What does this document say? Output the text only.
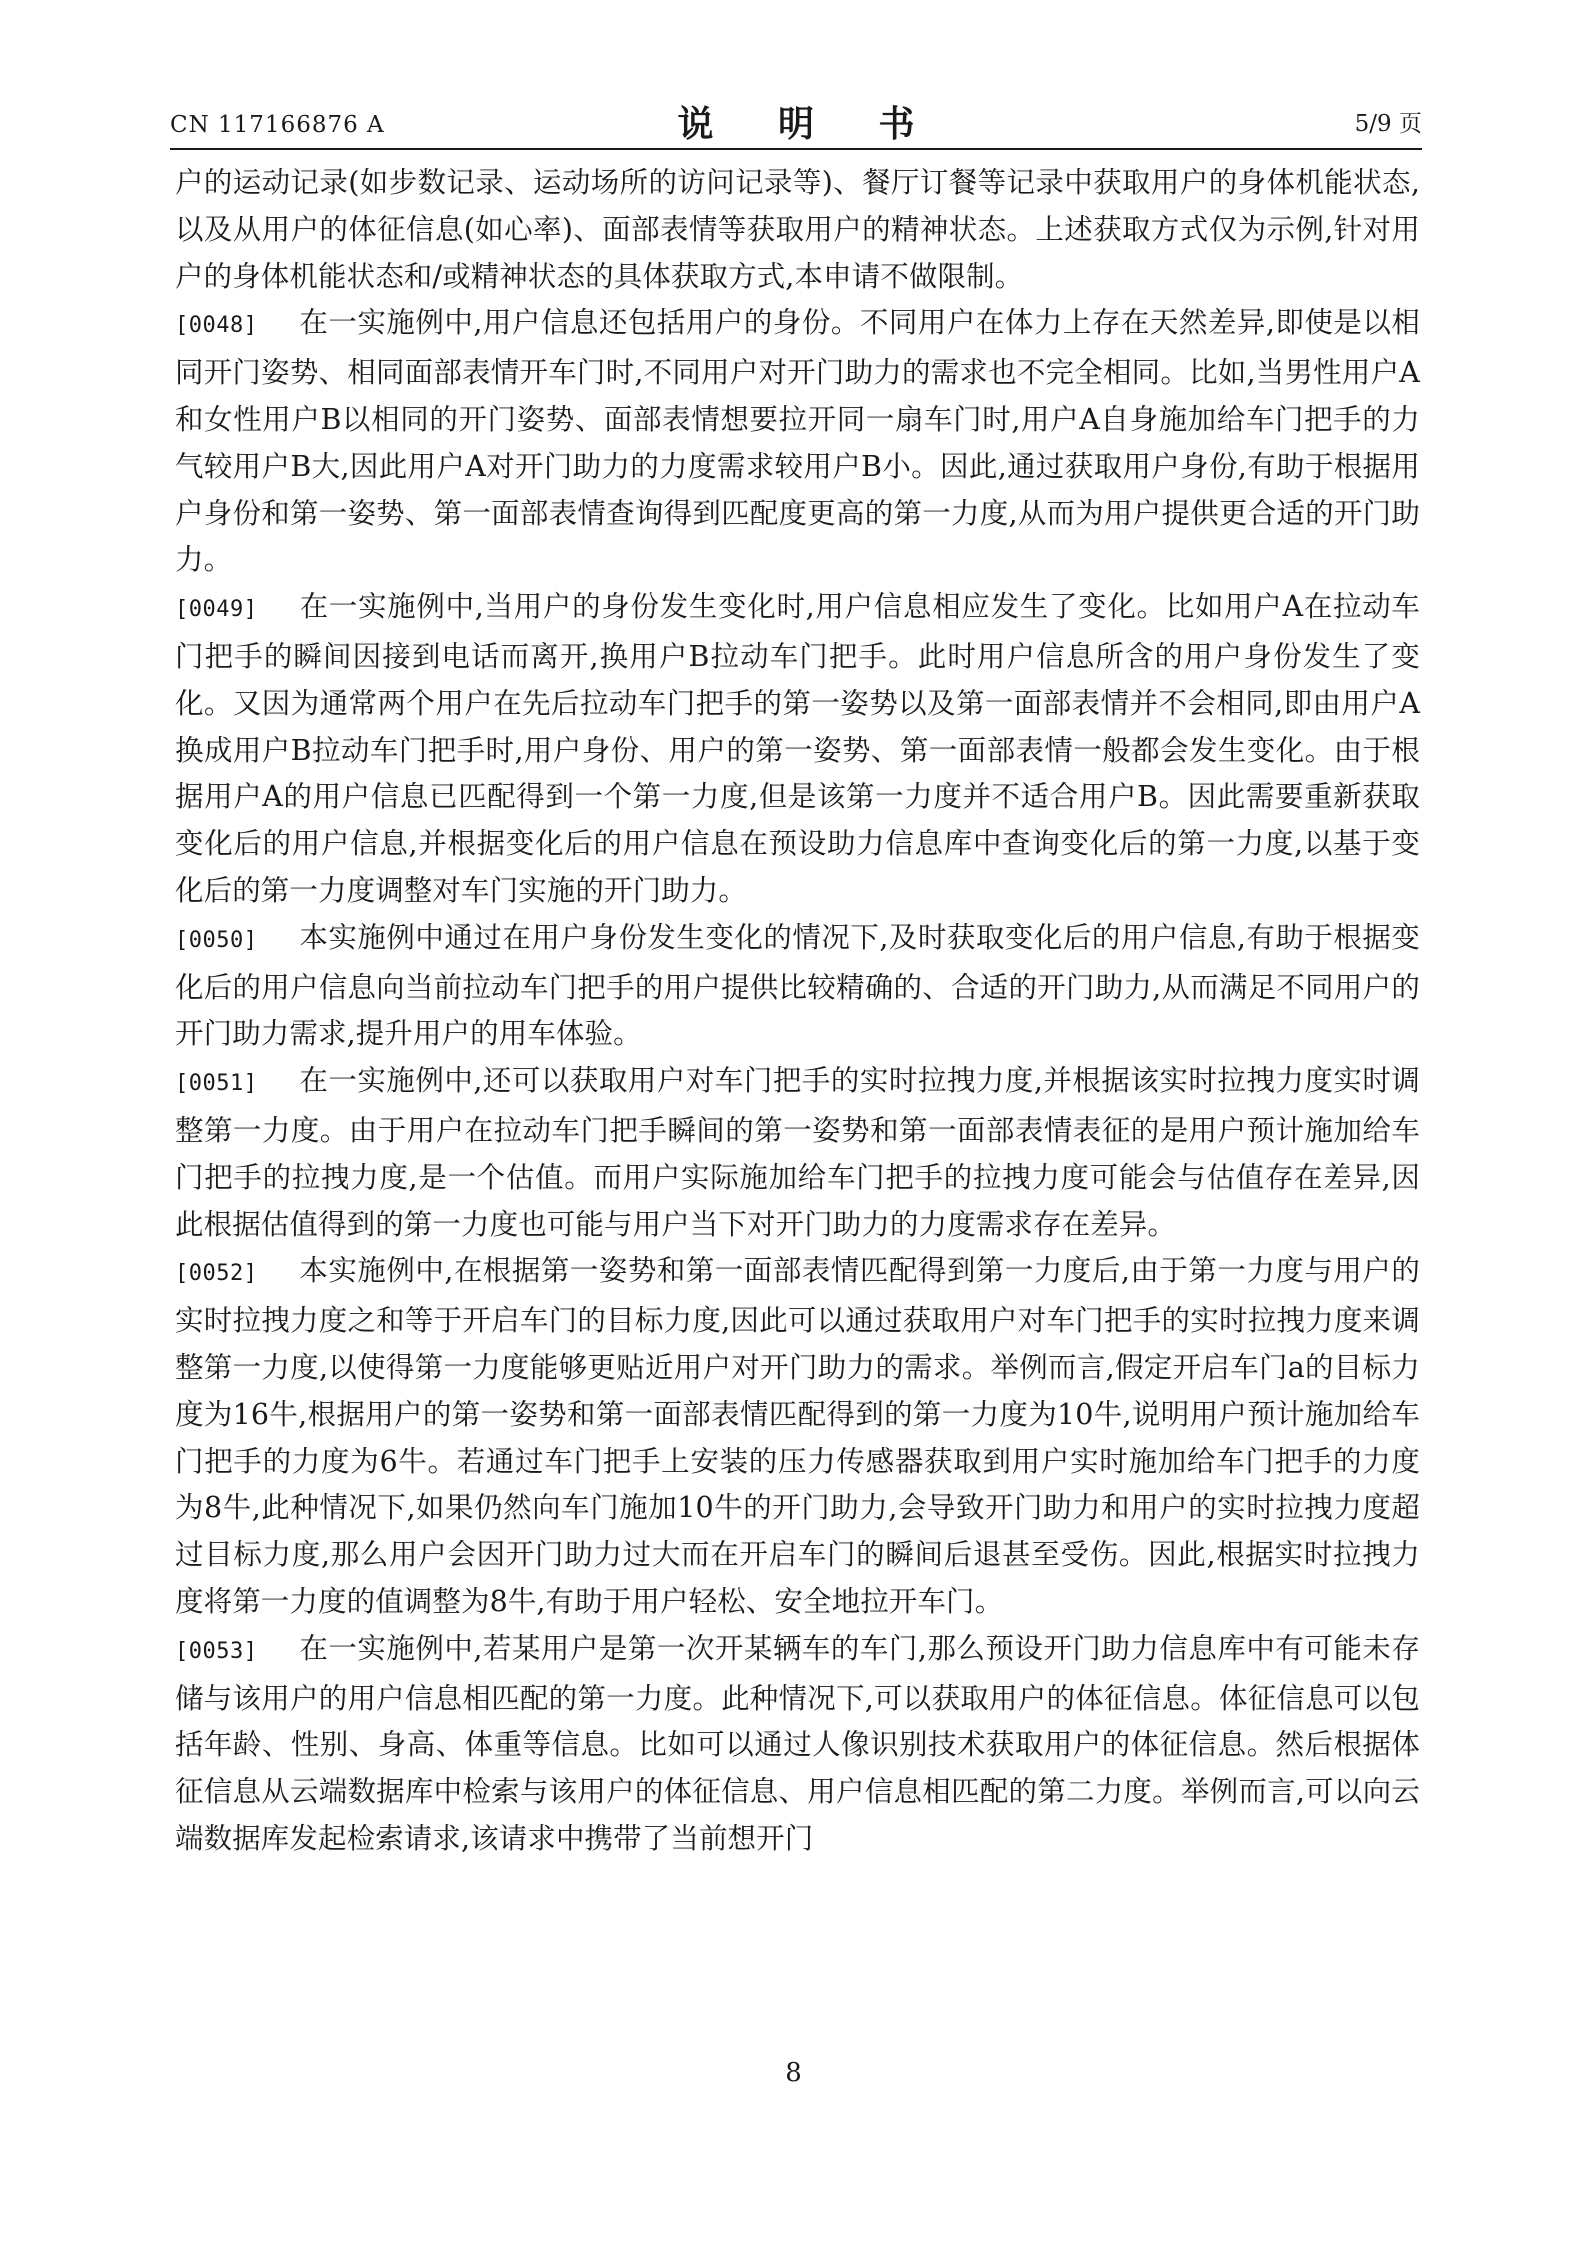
CN 117166876 A	说 明 书	5/9 页

户的运动记录(如步数记录、运动场所的访问记录等)、餐厅订餐等记录中获取用户的身体机能状态,以及从用户的体征信息(如心率)、面部表情等获取用户的精神状态。上述获取方式仅为示例,针对用户的身体机能状态和/或精神状态的具体获取方式,本申请不做限制。

[0048] 在一实施例中,用户信息还包括用户的身份。不同用户在体力上存在天然差异,即使是以相同开门姿势、相同面部表情开车门时,不同用户对开门助力的需求也不完全相同。比如,当男性用户A和女性用户B以相同的开门姿势、面部表情想要拉开同一扇车门时,用户A自身施加给车门把手的力气较用户B大,因此用户A对开门助力的力度需求较用户B小。因此,通过获取用户身份,有助于根据用户身份和第一姿势、第一面部表情查询得到匹配度更高的第一力度,从而为用户提供更合适的开门助力。

[0049] 在一实施例中,当用户的身份发生变化时,用户信息相应发生了变化。比如用户A在拉动车门把手的瞬间因接到电话而离开,换用户B拉动车门把手。此时用户信息所含的用户身份发生了变化。又因为通常两个用户在先后拉动车门把手的第一姿势以及第一面部表情并不会相同,即由用户A换成用户B拉动车门把手时,用户身份、用户的第一姿势、第一面部表情一般都会发生变化。由于根据用户A的用户信息已匹配得到一个第一力度,但是该第一力度并不适合用户B。因此需要重新获取变化后的用户信息,并根据变化后的用户信息在预设助力信息库中查询变化后的第一力度,以基于变化后的第一力度调整对车门实施的开门助力。

[0050] 本实施例中通过在用户身份发生变化的情况下,及时获取变化后的用户信息,有助于根据变化后的用户信息向当前拉动车门把手的用户提供比较精确的、合适的开门助力,从而满足不同用户的开门助力需求,提升用户的用车体验。

[0051] 在一实施例中,还可以获取用户对车门把手的实时拉拽力度,并根据该实时拉拽力度实时调整第一力度。由于用户在拉动车门把手瞬间的第一姿势和第一面部表情表征的是用户预计施加给车门把手的拉拽力度,是一个估值。而用户实际施加给车门把手的拉拽力度可能会与估值存在差异,因此根据估值得到的第一力度也可能与用户当下对开门助力的力度需求存在差异。

[0052] 本实施例中,在根据第一姿势和第一面部表情匹配得到第一力度后,由于第一力度与用户的实时拉拽力度之和等于开启车门的目标力度,因此可以通过获取用户对车门把手的实时拉拽力度来调整第一力度,以使得第一力度能够更贴近用户对开门助力的需求。举例而言,假定开启车门a的目标力度为16牛,根据用户的第一姿势和第一面部表情匹配得到的第一力度为10牛,说明用户预计施加给车门把手的力度为6牛。若通过车门把手上安装的压力传感器获取到用户实时施加给车门把手的力度为8牛,此种情况下,如果仍然向车门施加10牛的开门助力,会导致开门助力和用户的实时拉拽力度超过目标力度,那么用户会因开门助力过大而在开启车门的瞬间后退甚至受伤。因此,根据实时拉拽力度将第一力度的值调整为8牛,有助于用户轻松、安全地拉开车门。

[0053] 在一实施例中,若某用户是第一次开某辆车的车门,那么预设开门助力信息库中有可能未存储与该用户的用户信息相匹配的第一力度。此种情况下,可以获取用户的体征信息。体征信息可以包括年龄、性别、身高、体重等信息。比如可以通过人像识别技术获取用户的体征信息。然后根据体征信息从云端数据库中检索与该用户的体征信息、用户信息相匹配的第二力度。举例而言,可以向云端数据库发起检索请求,该请求中携带了当前想开门

8
